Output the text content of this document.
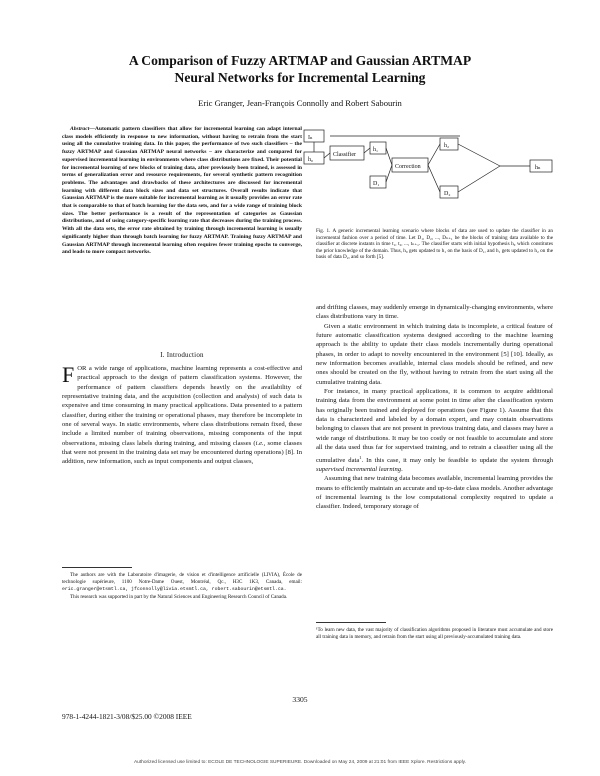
A Comparison of Fuzzy ARTMAP and Gaussian ARTMAP
Neural Networks for Incremental Learning
Eric Granger, Jean-François Connolly and Robert Sabourin

Abstract—Automatic pattern classifiers that allow for incremental learning can adapt internal class models efficiently in response to new information, without having to retrain from the start using all the cumulative training data. In this paper, the performance of two such classifiers – the fuzzy ARTMAP and Gaussian ARTMAP neural networks – are characterize and compared for supervised incremental learning in environments where class distributions are fixed. Their potential for incremental learning of new blocks of training data, after previously been trained, is assessed in terms of generalization error and resource requirements, for several synthetic pattern recognition problems. The advantages and drawbacks of these architectures are discussed for incremental learning with different data block sizes and data set structures. Overall results indicate that Gaussian ARTMAP is the more suitable for incremental learning as it usually provides an error rate that is comparable to that of batch learning for the data sets, and for a wide range of training block sizes. The better performance is a result of the representation of categories as Gaussian distributions, and of using category-specific learning rate that decreases during the training process. With all the data sets, the error rate obtained by training through incremental learning is usually significantly higher than through batch learning for fuzzy ARTMAP. Training fuzzy ARTMAP and Gaussian ARTMAP through incremental learning often requires fewer training epochs to converge, and leads to more compact networks.

I. Introduction

FOR a wide range of applications, machine learning represents a cost-effective and practical approach to the design of pattern classification systems. However, the performance of pattern classifiers depends heavily on the availability of representative training data, and the acquisition (collection and analysis) of such data is expensive and time consuming in many practical applications. Data presented to a pattern classifier, during either the training or operational phases, may therefore be incomplete in one of several ways. In static environments, where class distributions remain fixed, these include a limited number of training observations, missing components of the input observations, missing class labels during training, and missing classes (i.e., some classes that were not present in the training data set may be encountered during operations) [8]. In addition, new information, such as input components and output classes,

The authors are with the Laboratoire d'imagerie, de vision et d'intelligence artificielle (LIVIA), École de technologie supérieure, 1100 Notre-Dame Ouest, Montréal, Qc., H3C 1K3, Canada, email: eric.granger@etsmtl.ca, jfconnolly@livia.etsmtl.ca, robert.sabourin@etsmtl.ca.

This research was supported in part by the Natural Sciences and Engineering Research Council of Canada.

Iₙ
h₀
Classifier
h₁
Correction
D₁
h₂
D₂
hₙ
Fig. 1. A generic incremental learning scenario where blocks of data are used to update the classifier in an incremental fashion over a period of time. Let D₁, D₂, ..., Dₙ₊₁ be the blocks of training data available to the classifier at discrete instants in time t₁, t₂, ..., tₙ₊₁. The classifier starts with initial hypothesis h₀ which constitutes the prior knowledge of the domain. Thus, h₀ gets updated to h₁ on the basis of D₁, and h₁ gets updated to h₂ on the basis of data D₂, and so forth [5].

and drifting classes, may suddenly emerge in dynamically-changing environments, where class distributions vary in time.

Given a static environment in which training data is incomplete, a critical feature of future automatic classification systems designed according to the machine learning approach is the ability to update their class models incrementally during operational phases, in order to adapt to novelty encountered in the environment [5] [10]. Ideally, as new information becomes available, internal class models should be refined, and new ones should be created on the fly, without having to retrain from the start using all the cumulative training data.

For instance, in many practical applications, it is common to acquire additional training data from the environment at some point in time after the classification system has originally been trained and deployed for operations (see Figure 1). Assume that this data is characterized and labeled by a domain expert, and may contain observations belonging to classes that are not present in previous training data, and classes may have a wide range of distributions. It may be too costly or not feasible to accumulate and store all the data used thus far for supervised training, and to retrain a classifier using all the cumulative data$^1$. In this case, it may only be feasible to update the system through supervised incremental learning.

Assuming that new training data becomes available, incremental learning provides the means to efficiently maintain an accurate and up-to-date class models. Another advantage of incremental learning is the low computational complexity required to update a classifier. Indeed, temporary storage of

¹To learn new data, the vast majority of classification algorithms proposed in literature must accumulate and store all training data in memory, and retrain from the start using all previously-accumulated training data.
3305
978-1-4244-1821-3/08/$25.00 ©2008 IEEE
Authorized licensed use limited to: ECOLE DE TECHNOLOGIE SUPERIEURE. Downloaded on May 24, 2009 at 21:01 from IEEE Xplore. Restrictions apply.
